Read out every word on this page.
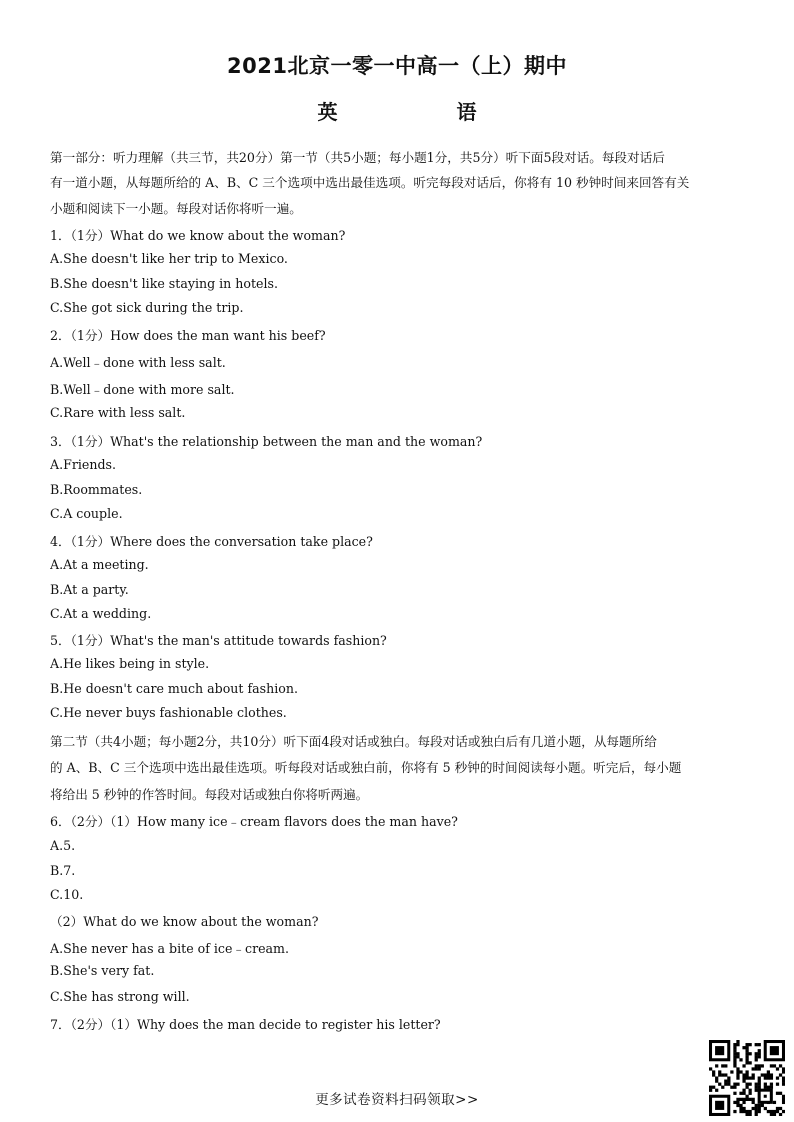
2021北京一零一中高一（上）期中
英 语
第一部分：听力理解（共三节，共20分）第一节（共5小题；每小题1分，共5分）听下面5段对话。每段对话后
有一道小题，从每题所给的 A、B、C 三个选项中选出最佳选项。听完每段对话后，你将有 10 秒钟时间来回答有关
小题和阅读下一小题。每段对话你将听一遍。
1．（1分）What do we know about the woman?
A.She doesn't like her trip to Mexico.
B.She doesn't like staying in hotels.
C.She got sick during the trip.
2．（1分）How does the man want his beef?
A.Well﹣done with less salt.
B.Well﹣done with more salt.
C.Rare with less salt.
3．（1分）What's the relationship between the man and the woman?
A.Friends.
B.Roommates.
C.A couple.
4．（1分）Where does the conversation take place?
A.At a meeting.
B.At a party.
C.At a wedding.
5．（1分）What's the man's attitude towards fashion?
A.He likes being in style.
B.He doesn't care much about fashion.
C.He never buys fashionable clothes.
第二节（共4小题；每小题2分，共10分）听下面4段对话或独白。每段对话或独白后有几道小题，从每题所给
的 A、B、C 三个选项中选出最佳选项。听每段对话或独白前，你将有 5 秒钟的时间阅读每小题。听完后，每小题
将给出 5 秒钟的作答时间。每段对话或独白你将听两遍。
6．（2分）（1）How many ice﹣cream flavors does the man have?
A.5.
B.7.
C.10.
（2）What do we know about the woman?
A.She never has a bite of ice﹣cream.
B.She's very fat.
C.She has strong will.
7．（2分）（1）Why does the man decide to register his letter?
更多试卷资料扫码领取>>
